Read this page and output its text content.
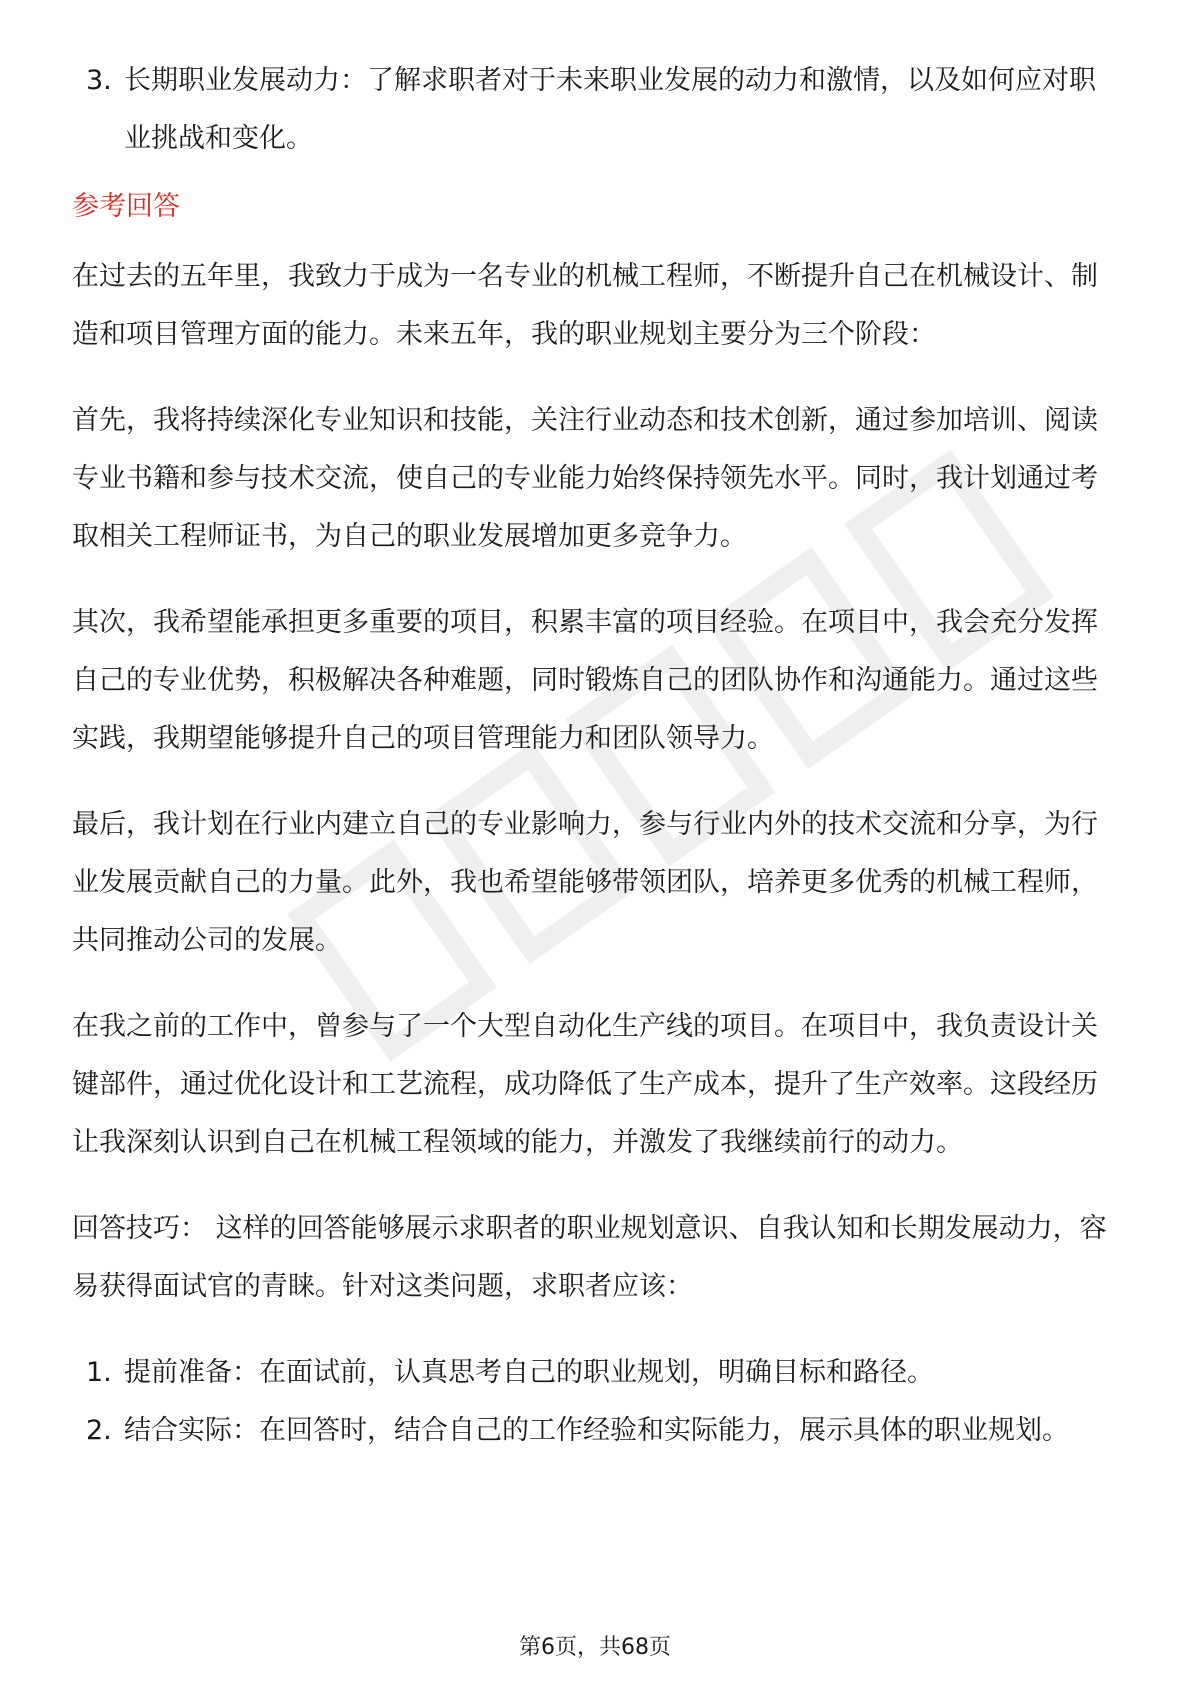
3. 长期职业发展动力：了解求职者对于未来职业发展的动力和激情，以及如何应对职业挑战和变化。
参考回答

在过去的五年里，我致力于成为一名专业的机械工程师，不断提升自己在机械设计、制造和项目管理方面的能力。未来五年，我的职业规划主要分为三个阶段：

首先，我将持续深化专业知识和技能，关注行业动态和技术创新，通过参加培训、阅读专业书籍和参与技术交流，使自己的专业能力始终保持领先水平。同时，我计划通过考取相关工程师证书，为自己的职业发展增加更多竞争力。

其次，我希望能承担更多重要的项目，积累丰富的项目经验。在项目中，我会充分发挥自己的专业优势，积极解决各种难题，同时锻炼自己的团队协作和沟通能力。通过这些实践，我期望能够提升自己的项目管理能力和团队领导力。

最后，我计划在行业内建立自己的专业影响力，参与行业内外的技术交流和分享，为行业发展贡献自己的力量。此外，我也希望能够带领团队，培养更多优秀的机械工程师，共同推动公司的发展。

在我之前的工作中，曾参与了一个大型自动化生产线的项目。在项目中，我负责设计关键部件，通过优化设计和工艺流程，成功降低了生产成本，提升了生产效率。这段经历让我深刻认识到自己在机械工程领域的能力，并激发了我继续前行的动力。

回答技巧： 这样的回答能够展示求职者的职业规划意识、自我认知和长期发展动力，容易获得面试官的青睐。针对这类问题，求职者应该：

1. 提前准备：在面试前，认真思考自己的职业规划，明确目标和路径。
2. 结合实际：在回答时，结合自己的工作经验和实际能力，展示具体的职业规划。
第6页，共68页
